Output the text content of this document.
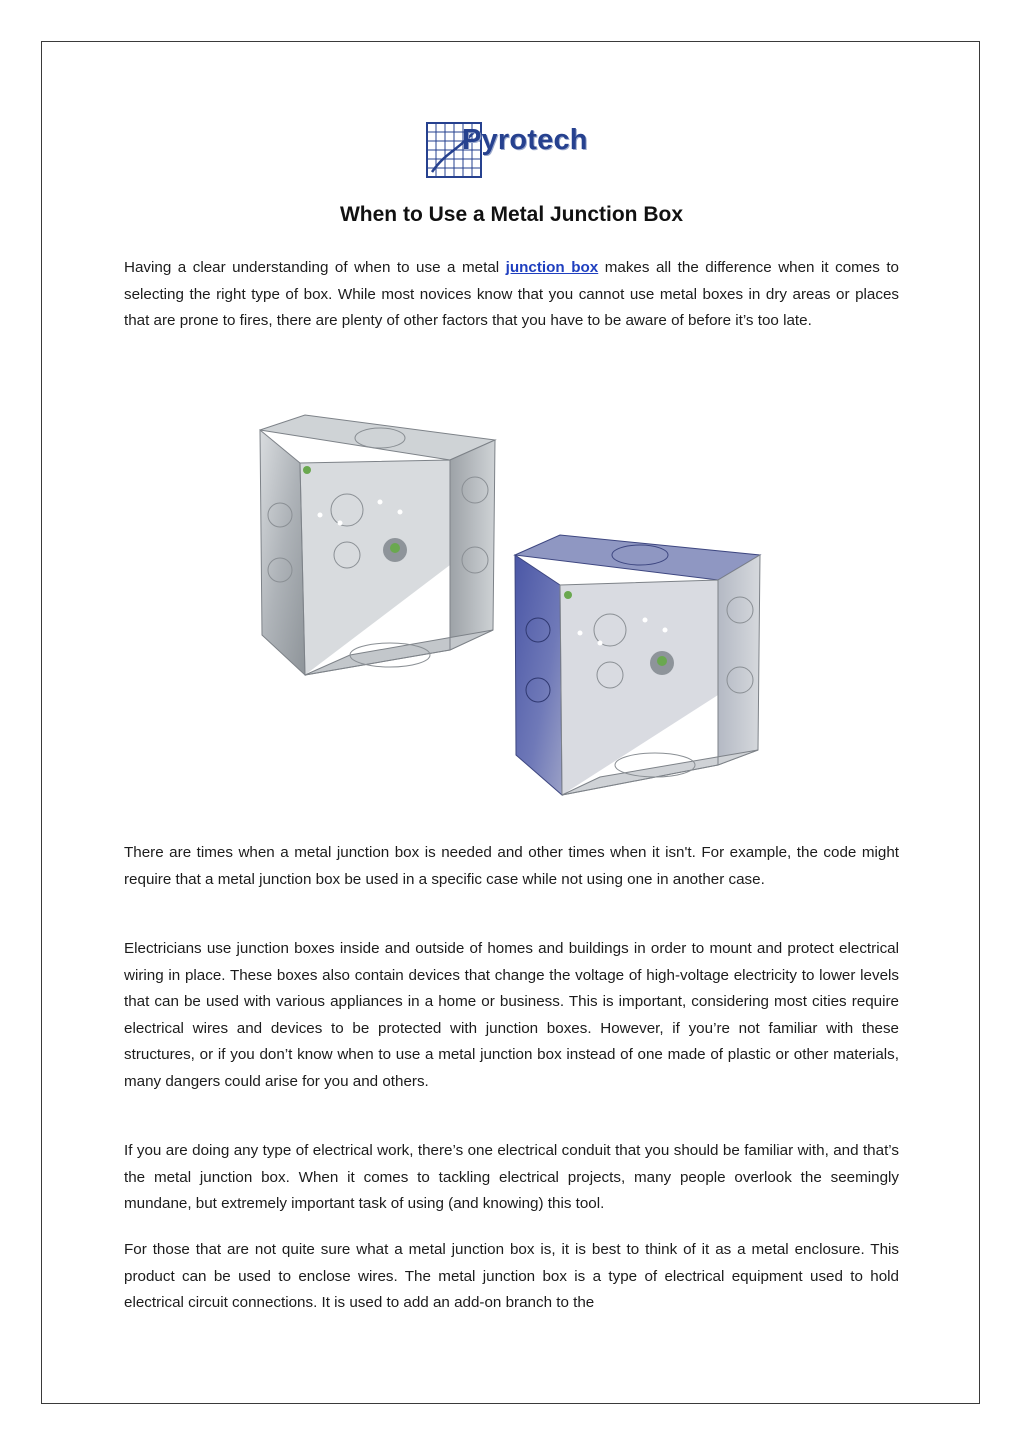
Pyrotech
When to Use a Metal Junction Box

Having a clear understanding of when to use a metal junction box makes all the difference when it comes to selecting the right type of box. While most novices know that you cannot use metal boxes in dry areas or places that are prone to fires, there are plenty of other factors that you have to be aware of before it’s too late.

There are times when a metal junction box is needed and other times when it isn't. For example, the code might require that a metal junction box be used in a specific case while not using one in another case.

Electricians use junction boxes inside and outside of homes and buildings in order to mount and protect electrical wiring in place. These boxes also contain devices that change the voltage of high-voltage electricity to lower levels that can be used with various appliances in a home or business. This is important, considering most cities require electrical wires and devices to be protected with junction boxes. However, if you’re not familiar with these structures, or if you don’t know when to use a metal junction box instead of one made of plastic or other materials, many dangers could arise for you and others.

If you are doing any type of electrical work, there’s one electrical conduit that you should be familiar with, and that’s the metal junction box. When it comes to tackling electrical projects, many people overlook the seemingly mundane, but extremely important task of using (and knowing) this tool.

For those that are not quite sure what a metal junction box is, it is best to think of it as a metal enclosure. This product can be used to enclose wires. The metal junction box is a type of electrical equipment used to hold electrical circuit connections. It is used to add an add-on branch to the
